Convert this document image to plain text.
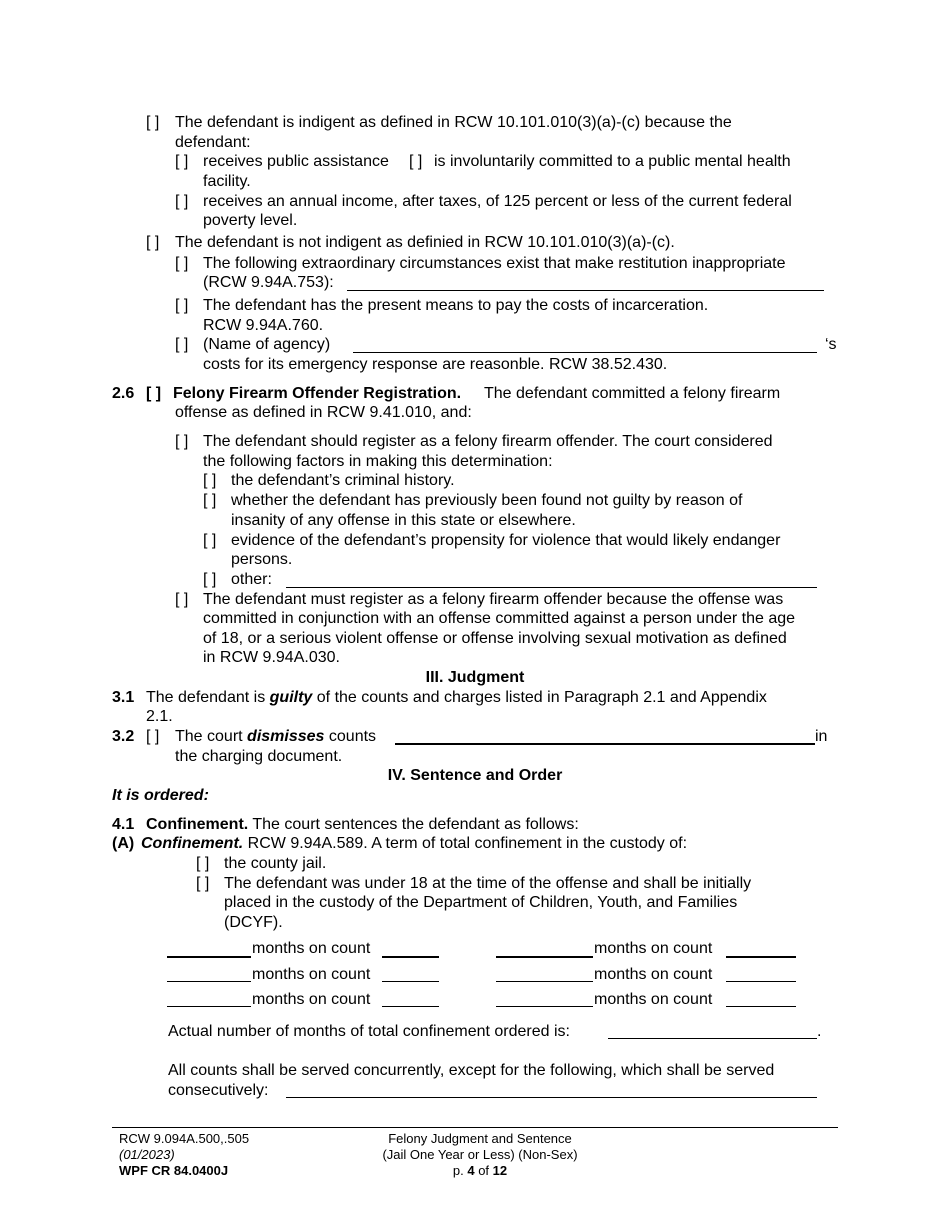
[ ] The defendant is indigent as defined in RCW 10.101.010(3)(a)-(c) because the
defendant:
[ ] receives public assistance [ ] is involuntarily committed to a public mental health
facility.
[ ] receives an annual income, after taxes, of 125 percent or less of the current federal
poverty level.
[ ] The defendant is not indigent as definied in RCW 10.101.010(3)(a)-(c).
[ ] The following extraordinary circumstances exist that make restitution inappropriate
(RCW 9.94A.753):
[ ] The defendant has the present means to pay the costs of incarceration.
RCW 9.94A.760.
[ ] (Name of agency)	‘s
costs for its emergency response are reasonble. RCW 38.52.430.
2.6 [ ] Felony Firearm Offender Registration. The defendant committed a felony firearm
offense as defined in RCW 9.41.010, and:
[ ] The defendant should register as a felony firearm offender. The court considered
the following factors in making this determination:
[ ] the defendant’s criminal history.
[ ] whether the defendant has previously been found not guilty by reason of
insanity of any offense in this state or elsewhere.
[ ] evidence of the defendant’s propensity for violence that would likely endanger
persons.
[ ] other:
[ ] The defendant must register as a felony firearm offender because the offense was
committed in conjunction with an offense committed against a person under the age
of 18, or a serious violent offense or offense involving sexual motivation as defined
in RCW 9.94A.030.
III. Judgment
3.1 The defendant is guilty of the counts and charges listed in Paragraph 2.1 and Appendix
2.1.
3.2 [ ] The court dismisses counts	in
the charging document.
IV. Sentence and Order
It is ordered:
4.1 Confinement. The court sentences the defendant as follows:
(A) Confinement. RCW 9.94A.589. A term of total confinement in the custody of:
[ ] the county jail.
[ ] The defendant was under 18 at the time of the offense and shall be initially
placed in the custody of the Department of Children, Youth, and Families
(DCYF).
months on count	months on count
months on count	months on count
months on count	months on count
Actual number of months of total confinement ordered is:	.
All counts shall be served concurrently, except for the following, which shall be served
consecutively:
RCW 9.094A.500,.505
(01/2023)
WPF CR 84.0400J
Felony Judgment and Sentence
(Jail One Year or Less) (Non-Sex)
p. 4 of 12
